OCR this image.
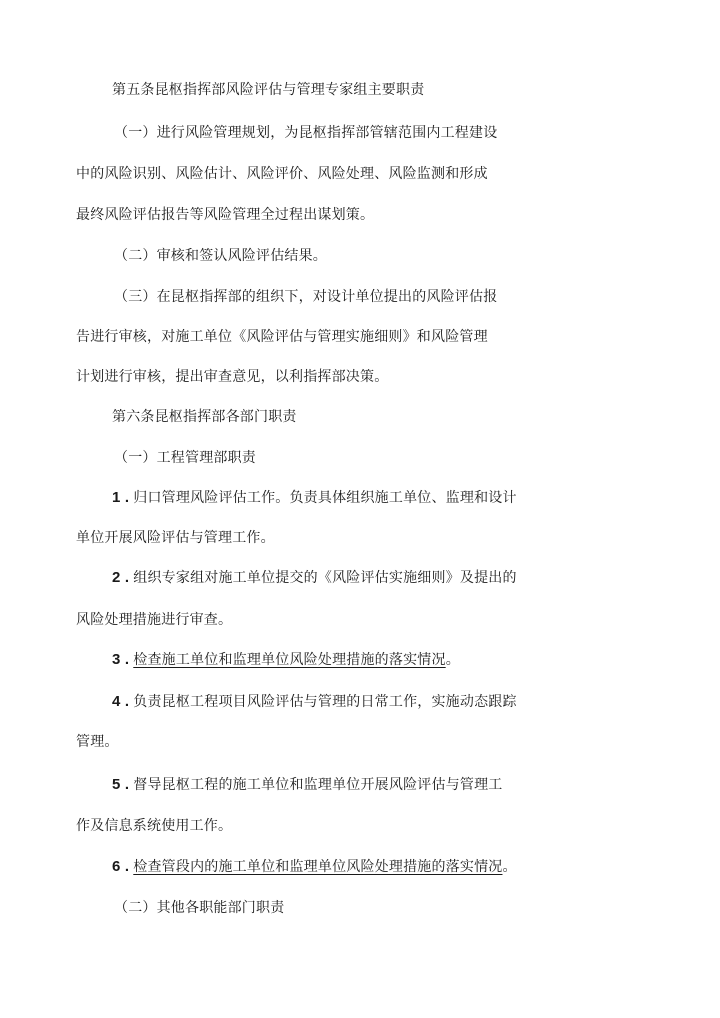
第五条昆枢指挥部风险评估与管理专家组主要职责
（一）进行风险管理规划，为昆枢指挥部管辖范围内工程建设
中的风险识别、风险估计、风险评价、风险处理、风险监测和形成
最终风险评估报告等风险管理全过程出谋划策。
（二）审核和签认风险评估结果。
（三）在昆枢指挥部的组织下，对设计单位提出的风险评估报
告进行审核，对施工单位《风险评估与管理实施细则》和风险管理
计划进行审核，提出审查意见，以利指挥部决策。
第六条昆枢指挥部各部门职责
（一）工程管理部职责
1 . 归口管理风险评估工作。负责具体组织施工单位、监理和设计
单位开展风险评估与管理工作。
2 . 组织专家组对施工单位提交的《风险评估实施细则》及提出的
风险处理措施进行审查。
3 . 检查施工单位和监理单位风险处理措施的落实情况。
4 . 负责昆枢工程项目风险评估与管理的日常工作，实施动态跟踪
管理。
5 . 督导昆枢工程的施工单位和监理单位开展风险评估与管理工
作及信息系统使用工作。
6 . 检查管段内的施工单位和监理单位风险处理措施的落实情况。
（二）其他各职能部门职责
